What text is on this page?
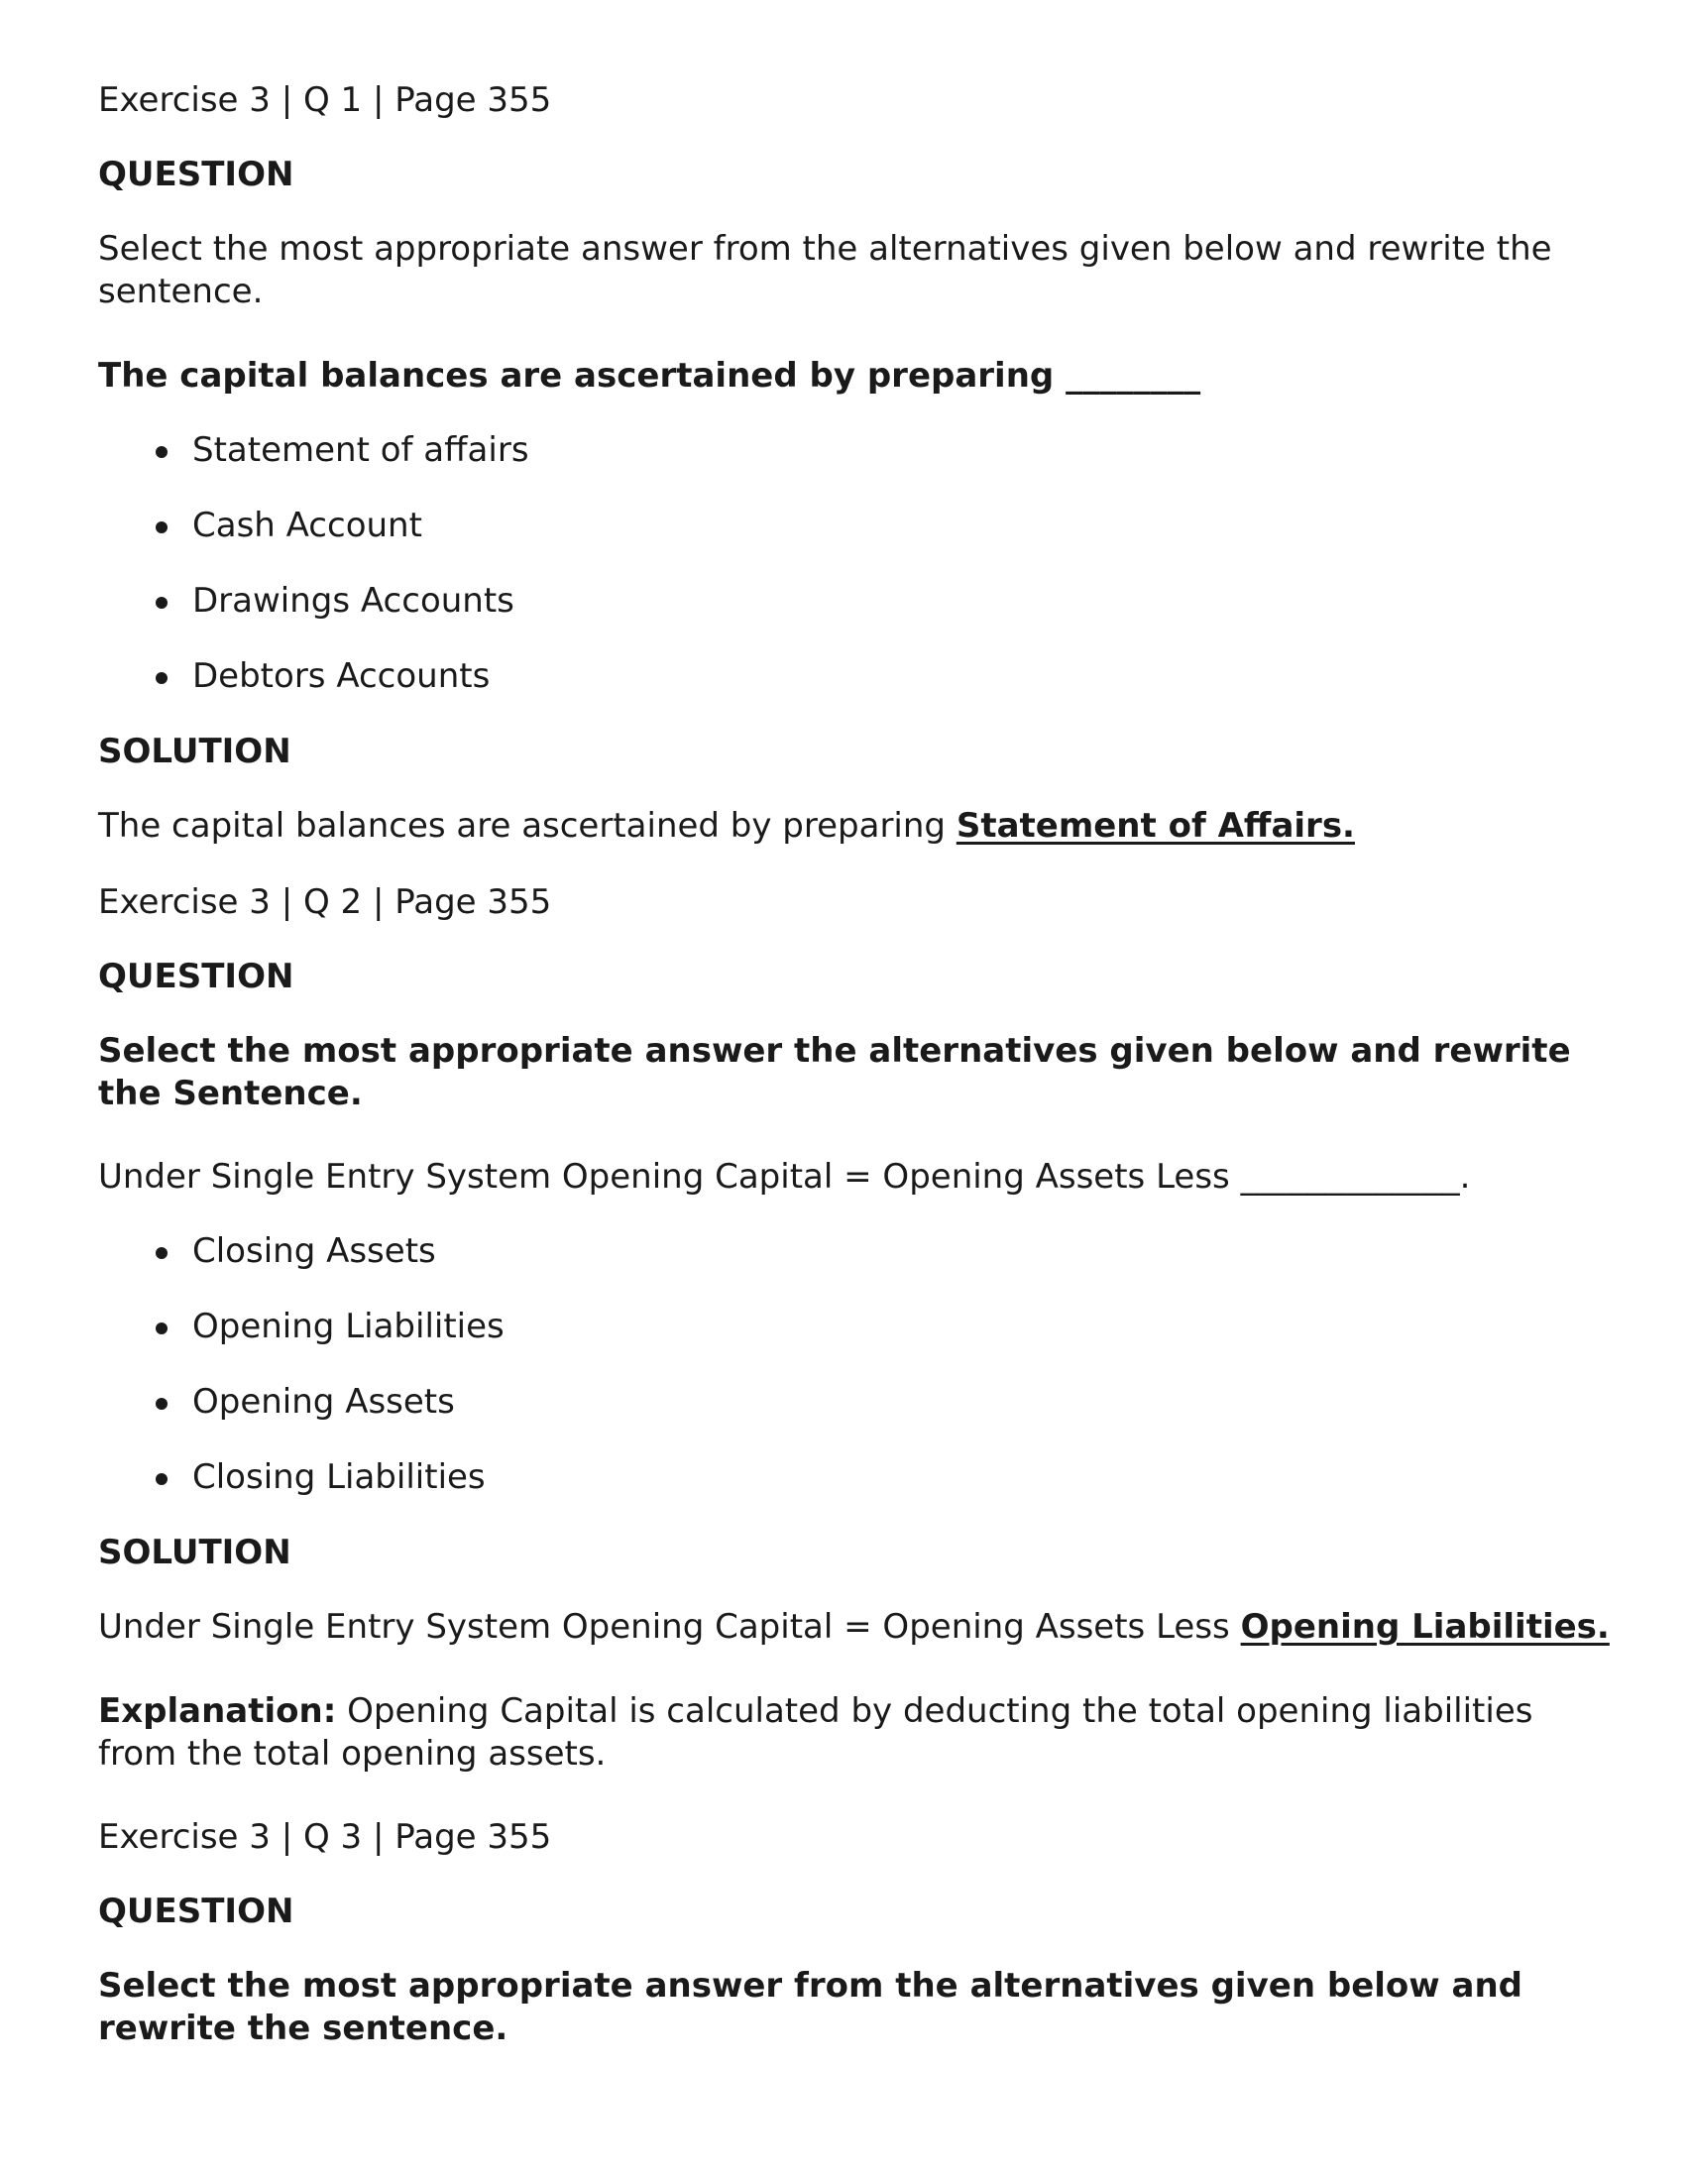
Exercise 3 | Q 1 | Page 355

QUESTION

Select the most appropriate answer from the alternatives given below and rewrite the sentence.

The capital balances are ascertained by preparing ________

Statement of affairs
Cash Account
Drawings Accounts
Debtors Accounts

SOLUTION

The capital balances are ascertained by preparing Statement of Affairs.

Exercise 3 | Q 2 | Page 355

QUESTION

Select the most appropriate answer the alternatives given below and rewrite the Sentence.

Under Single Entry System Opening Capital = Opening Assets Less _____________.

Closing Assets
Opening Liabilities
Opening Assets
Closing Liabilities

SOLUTION

Under Single Entry System Opening Capital = Opening Assets Less Opening Liabilities.

Explanation: Opening Capital is calculated by deducting the total opening liabilities from the total opening assets.

Exercise 3 | Q 3 | Page 355

QUESTION

Select the most appropriate answer from the alternatives given below and rewrite the sentence.
